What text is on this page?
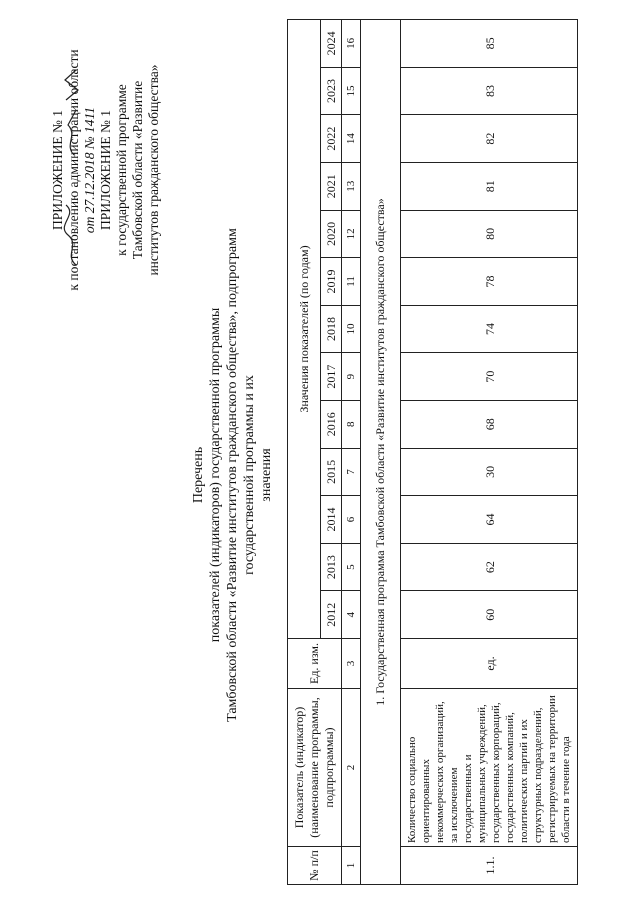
ПРИЛОЖЕНИЕ № 1 к постановлению администрации области от 27.12.2018 № 1411 ПРИЛОЖЕНИЕ № 1 к государственной программе Тамбовской области «Развитие институтов гражданского общества»
Перечень показателей (индикаторов) государственной программы Тамбовской области «Развитие институтов гражданского общества», подпрограмм государственной программы и их значения
№ п/п	Показатель (индикатор) (наименование программы, подпрограммы)	Ед. изм.	Значения показателей (по годам)												
			2012	2013	2014	2015	2016	2017	2018	2019	2020	2021	2022	2023	2024
1	2	3	4	5	6	7	8	9	10	11	12	13	14	15	16
1. Государственная программа Тамбовской области «Развитие институтов гражданского общества»															
1.1.	Количество социально ориентированных некоммерческих организаций, за исключением государственных и муниципальных учреждений, государственных корпораций, государственных компаний, политических партий и их структурных подразделений, регистрируемых на территории области в течение года	ед.	60	62	64	30	68	70	74	78	80	81	82	83	85
